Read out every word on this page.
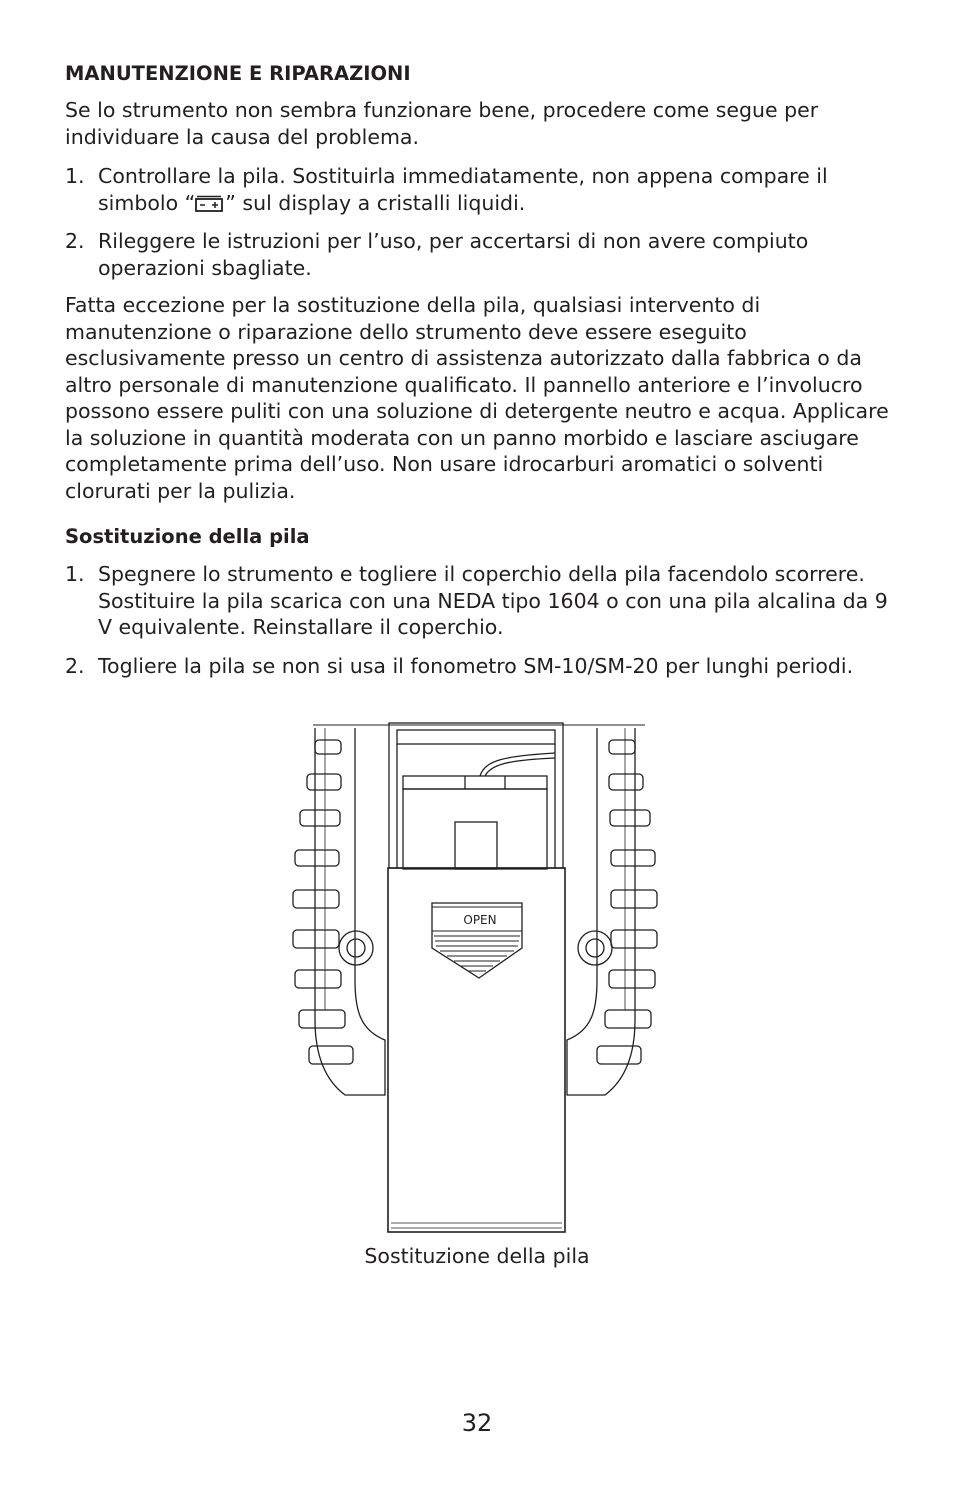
MANUTENZIONE E RIPARAZIONI

Se lo strumento non sembra funzionare bene, procedere come segue per individuare la causa del problema.

1. Controllare la pila. Sostituirla immediatamente, non appena compare il simbolo “ ” sul display a cristalli liquidi.
2. Rileggere le istruzioni per l’uso, per accertarsi di non avere compiuto operazioni sbagliate.

Fatta eccezione per la sostituzione della pila, qualsiasi intervento di manutenzione o riparazione dello strumento deve essere eseguito esclusivamente presso un centro di assistenza autorizzato dalla fabbrica o da altro personale di manutenzione qualificato. Il pannello anteriore e l’involucro possono essere puliti con una soluzione di detergente neutro e acqua. Applicare la soluzione in quantità moderata con un panno morbido e lasciare asciugare completamente prima dell’uso. Non usare idrocarburi aromatici o solventi clorurati per la pulizia.

Sostituzione della pila
1. Spegnere lo strumento e togliere il coperchio della pila facendolo scorrere. Sostituire la pila scarica con una NEDA tipo 1604 o con una pila alcalina da 9 V equivalente. Reinstallare il coperchio.
2. Togliere la pila se non si usa il fonometro SM-10/SM-20 per lunghi periodi.
OPEN
Sostituzione della pila
32
